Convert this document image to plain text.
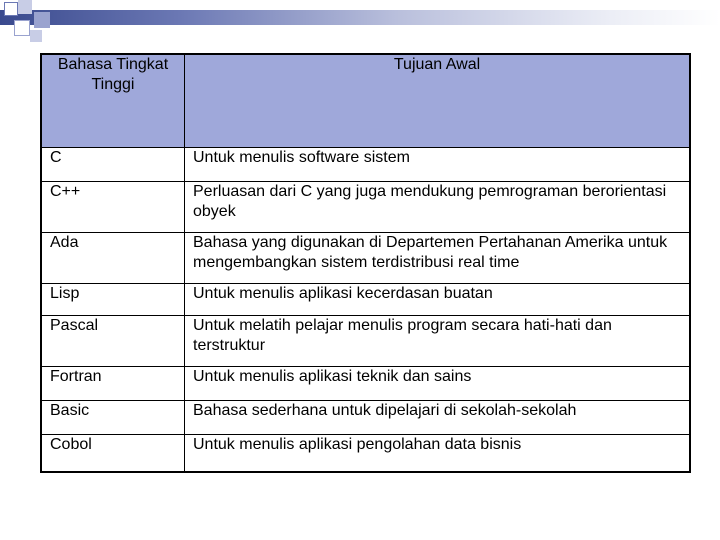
Bahasa Tingkat Tinggi	Tujuan Awal
C	Untuk menulis software sistem
C++	Perluasan dari C yang juga mendukung pemrograman berorientasi obyek
Ada	Bahasa yang digunakan di Departemen Pertahanan Amerika untuk mengembangkan sistem terdistribusi real time
Lisp	Untuk menulis aplikasi kecerdasan buatan
Pascal	Untuk melatih pelajar menulis program secara hati-hati dan terstruktur
Fortran	Untuk menulis aplikasi teknik dan sains
Basic	Bahasa sederhana untuk dipelajari di sekolah-sekolah
Cobol	Untuk menulis aplikasi pengolahan data bisnis
